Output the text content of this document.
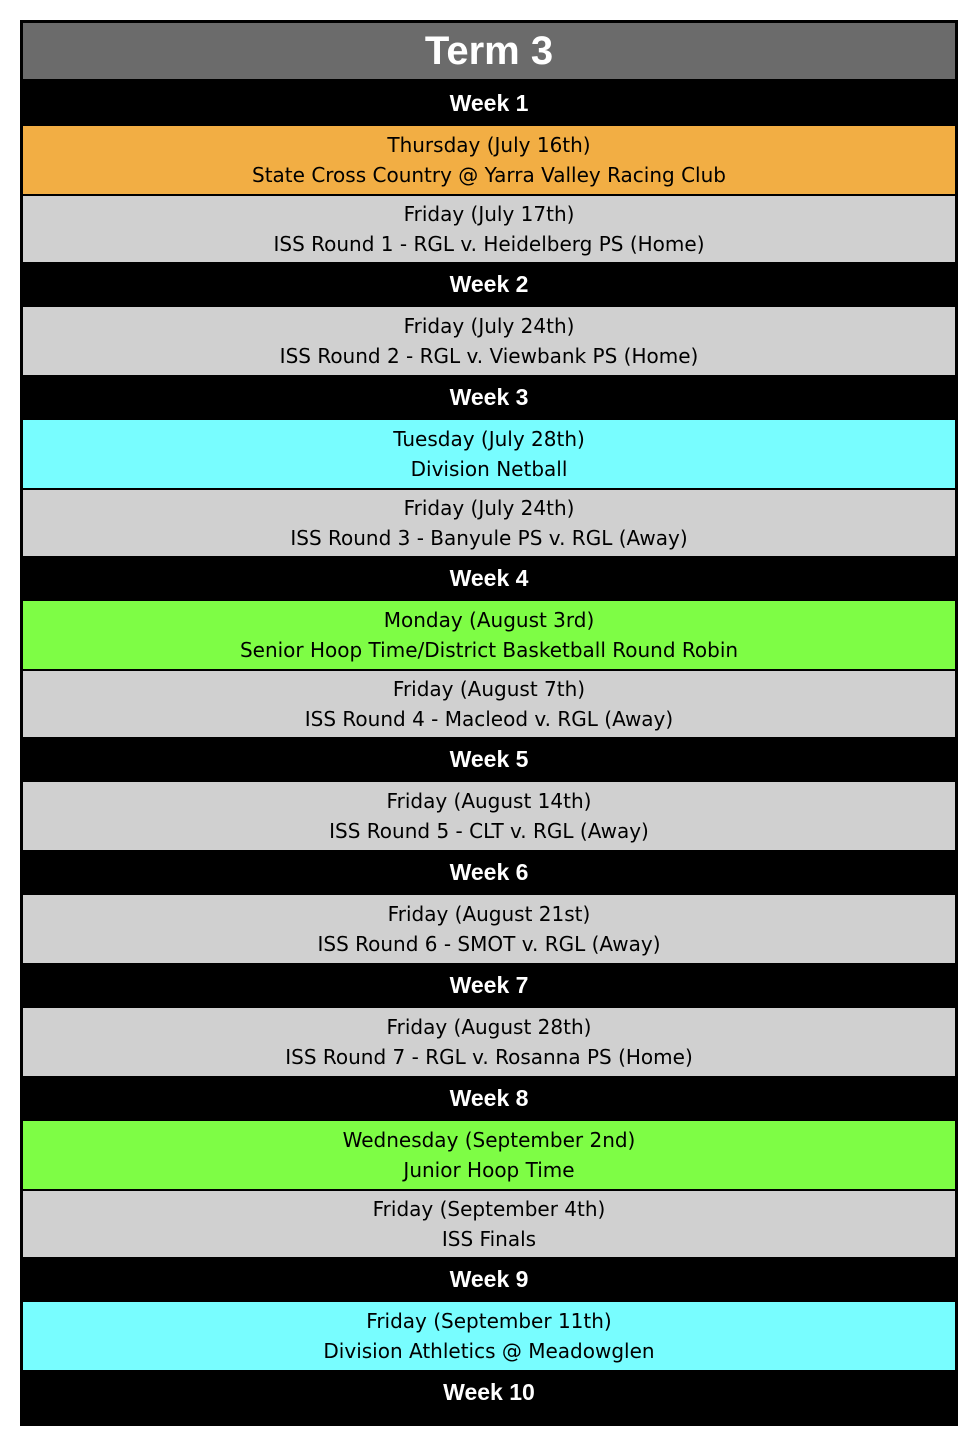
Term 3
Week 1
Thursday (July 16th)
State Cross Country @ Yarra Valley Racing Club
Friday (July 17th)
ISS Round 1 - RGL v. Heidelberg PS (Home)
Week 2
Friday (July 24th)
ISS Round 2 - RGL v. Viewbank PS (Home)
Week 3
Tuesday (July 28th)
Division Netball
Friday (July 24th)
ISS Round 3 - Banyule PS v. RGL (Away)
Week 4
Monday (August 3rd)
Senior Hoop Time/District Basketball Round Robin
Friday (August 7th)
ISS Round 4 - Macleod v. RGL (Away)
Week 5
Friday (August 14th)
ISS Round 5 - CLT v. RGL (Away)
Week 6
Friday (August 21st)
ISS Round 6 - SMOT v. RGL (Away)
Week 7
Friday (August 28th)
ISS Round 7 - RGL v. Rosanna PS (Home)
Week 8
Wednesday (September 2nd)
Junior Hoop Time
Friday (September 4th)
ISS Finals
Week 9
Friday (September 11th)
Division Athletics @ Meadowglen
Week 10
